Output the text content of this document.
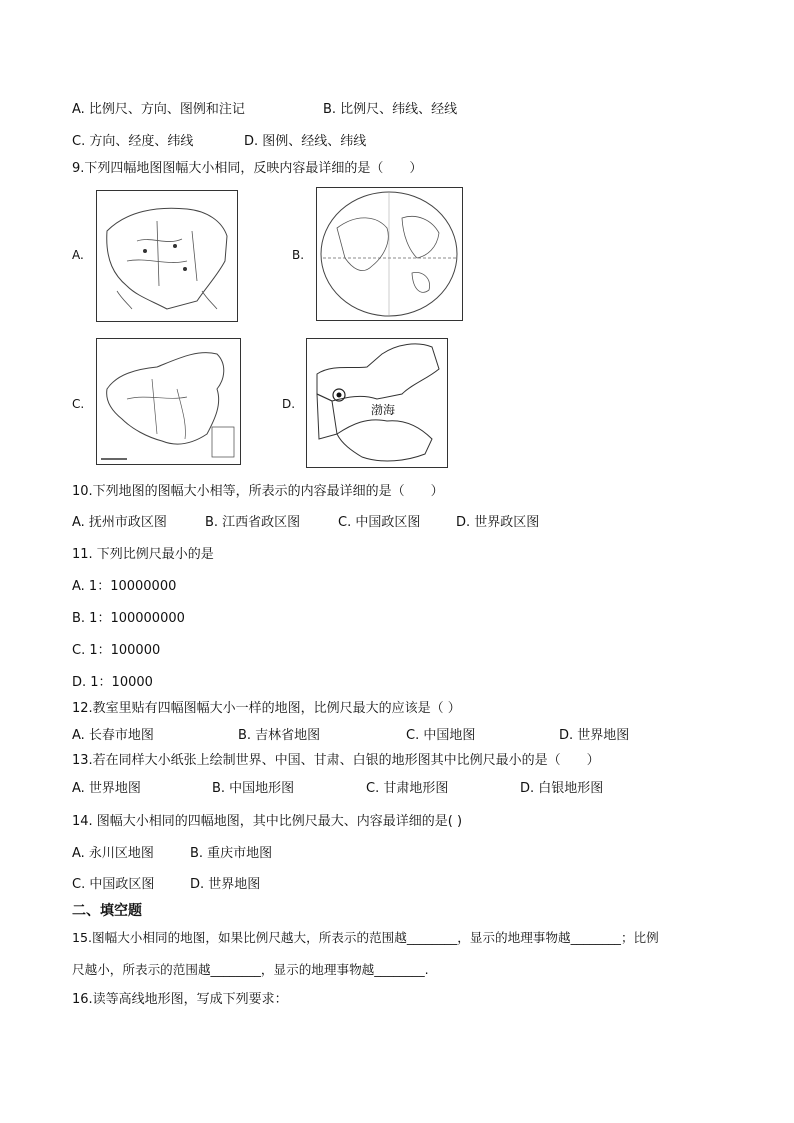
A. 比例尺、方向、图例和注记	B. 比例尺、纬线、经线
C. 方向、经度、纬线	D. 图例、经线、纬线
9.下列四幅地图图幅大小相同，反映内容最详细的是（　　）
A.	B.
C.	D.	渤海
10.下列地图的图幅大小相等，所表示的内容最详细的是（　　）
A. 抚州市政区图	B. 江西省政区图	C. 中国政区图	D. 世界政区图
11. 下列比例尺最小的是
A. 1：10000000
B. 1：100000000
C. 1：100000
D. 1：10000
12.教室里贴有四幅图幅大小一样的地图，比例尺最大的应该是（ ）
A. 长春市地图	B. 吉林省地图	C. 中国地图	D. 世界地图
13.若在同样大小纸张上绘制世界、中国、甘肃、白银的地形图其中比例尺最小的是（　　）
A. 世界地图	B. 中国地形图	C. 甘肃地形图	D. 白银地形图
14. 图幅大小相同的四幅地图，其中比例尺最大、内容最详细的是( )
A. 永川区地图	B. 重庆市地图
C. 中国政区图	D. 世界地图
二、填空题
15.图幅大小相同的地图，如果比例尺越大，所表示的范围越________，显示的地理事物越________；比例
尺越小，所表示的范围越________，显示的地理事物越________.
16.读等高线地形图，写成下列要求：
